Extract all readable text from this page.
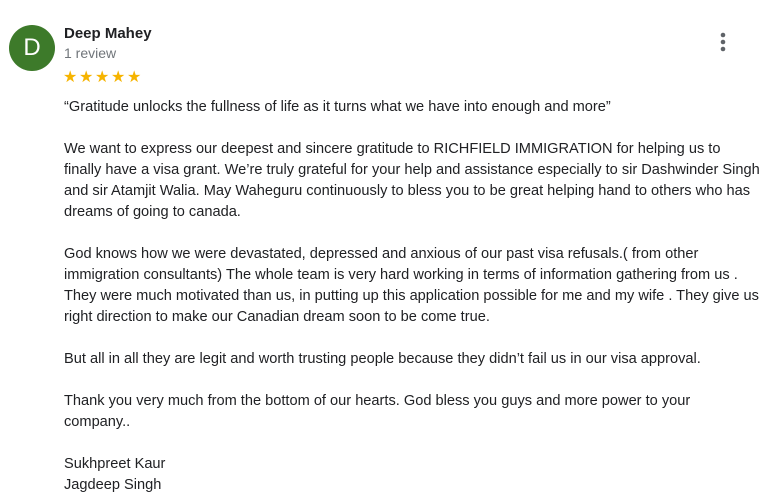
D
Deep Mahey
1 review
★ ★ ★ ★ ★

“Gratitude unlocks the fullness of life as it turns what we have into enough and more”

We want to express our deepest and sincere gratitude to RICHFIELD IMMIGRATION for helping us to finally have a visa grant. We’re truly grateful for your help and assistance especially to sir Dashwinder Singh and sir Atamjit Walia. May Waheguru continuously to bless you to be great helping hand to others who has dreams of going to canada.

God knows how we were devastated, depressed and anxious of our past visa refusals.( from other immigration consultants) The whole team is very hard working in terms of information gathering from us . They were much motivated than us, in putting up this application possible for me and my wife . They give us right direction to make our Canadian dream soon to be come true.

But all in all they are legit and worth trusting people because they didn’t fail us in our visa approval.

Thank you very much from the bottom of our hearts. God bless you guys and more power to your company..

Sukhpreet Kaur

Jagdeep Singh
